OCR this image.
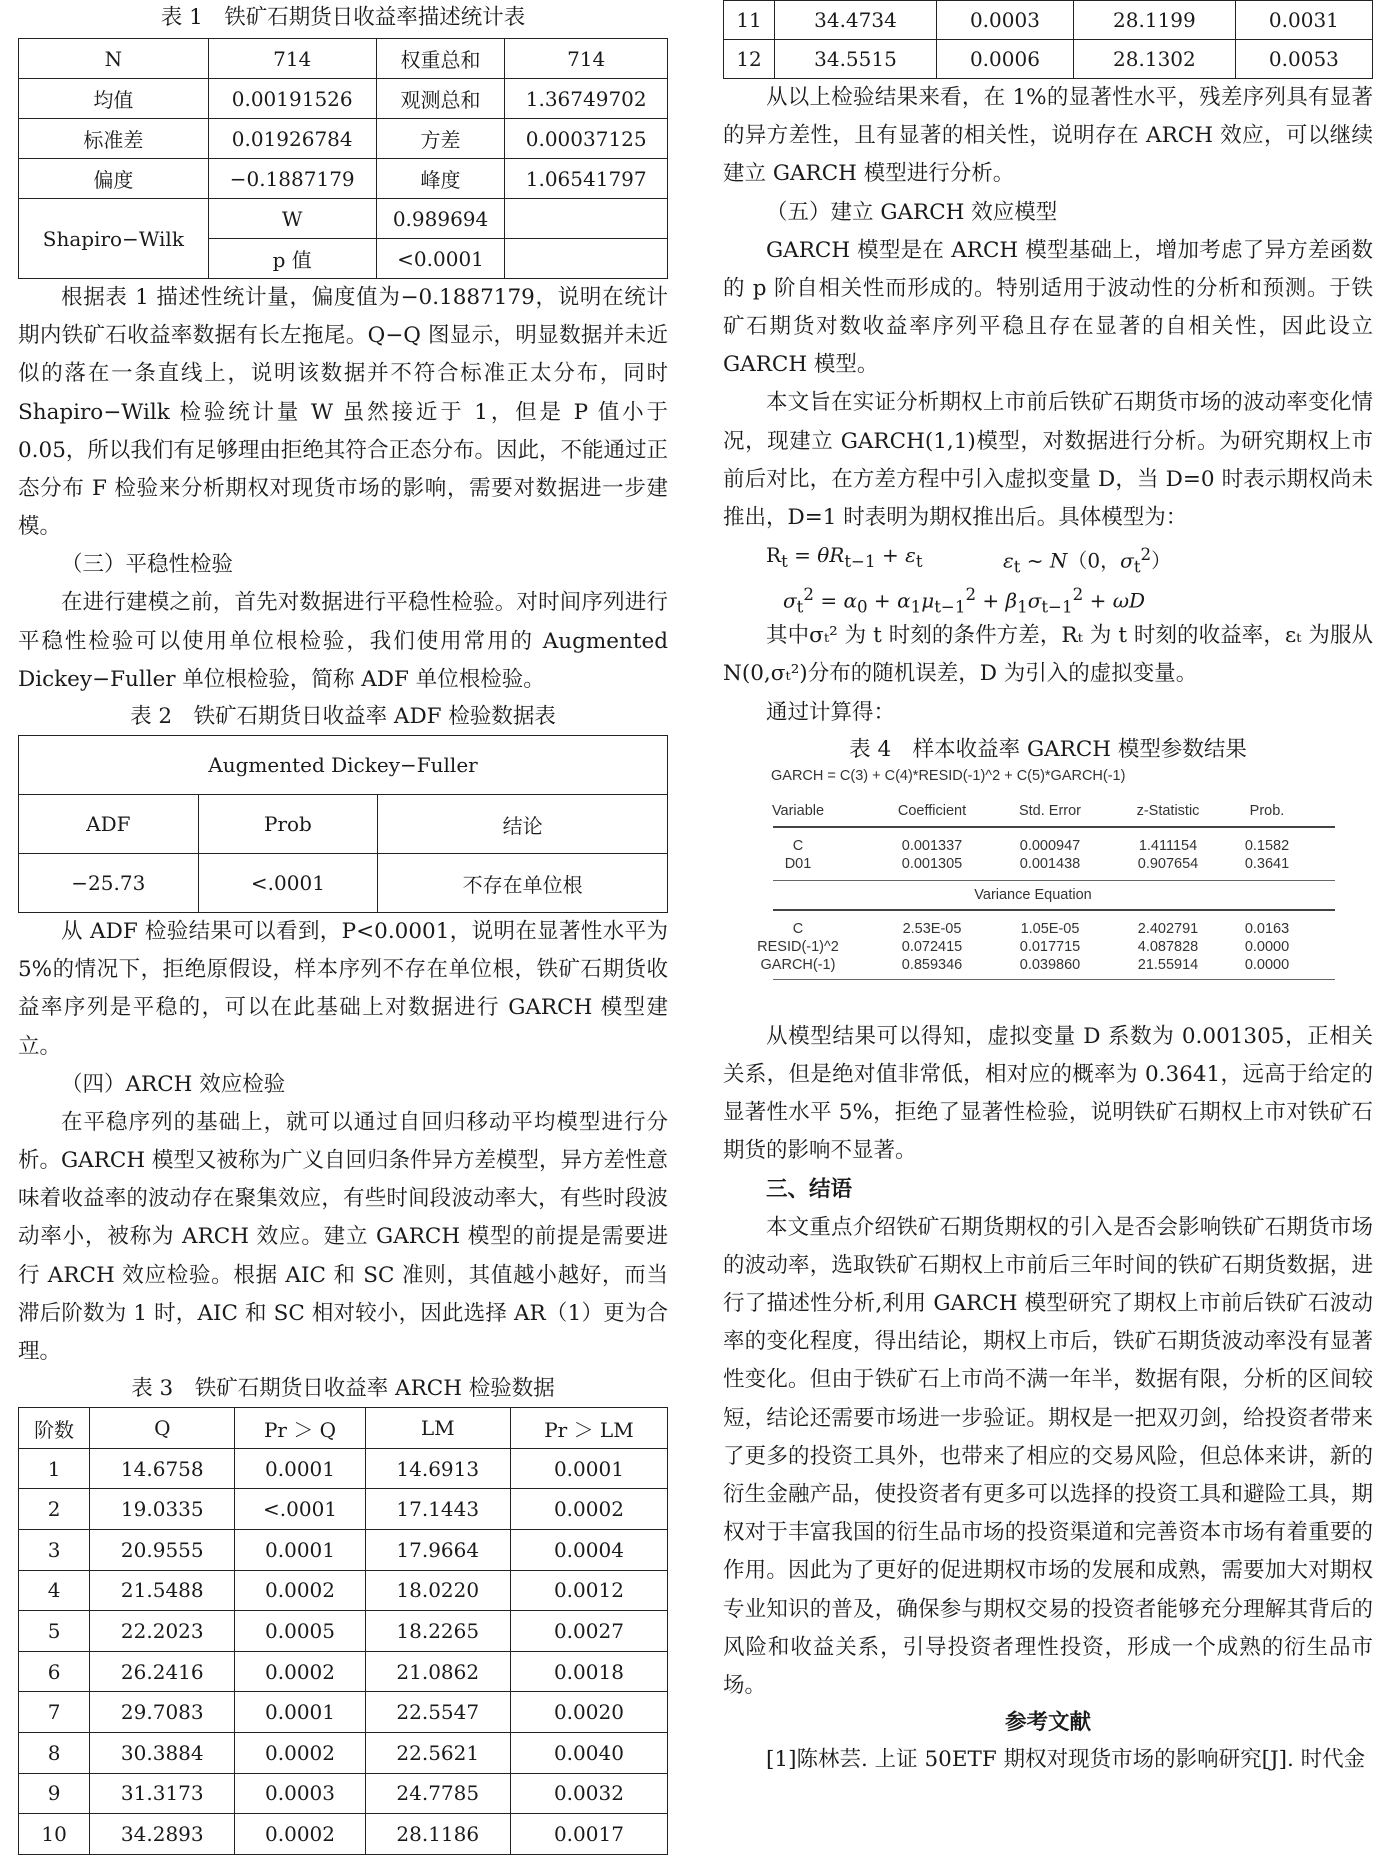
表 1　铁矿石期货日收益率描述统计表
N	714	权重总和	714
均值	0.00191526	观测总和	1.36749702
标准差	0.01926784	方差	0.00037125
偏度	−0.1887179	峰度	1.06541797
Shapiro−Wilk	W	0.989694	
	p 值	<0.0001	

根据表 1 描述性统计量，偏度值为−0.1887179，说明在统计期内铁矿石收益率数据有长左拖尾。Q−Q 图显示，明显数据并未近似的落在一条直线上，说明该数据并不符合标准正太分布，同时 Shapiro−Wilk 检验统计量 W 虽然接近于 1，但是 P 值小于 0.05，所以我们有足够理由拒绝其符合正态分布。因此，不能通过正态分布 F 检验来分析期权对现货市场的影响，需要对数据进一步建模。

（三）平稳性检验

在进行建模之前，首先对数据进行平稳性检验。对时间序列进行平稳性检验可以使用单位根检验，我们使用常用的 Augmented Dickey−Fuller 单位根检验，简称 ADF 单位根检验。

表 2　铁矿石期货日收益率 ADF 检验数据表
Augmented Dickey−Fuller		
ADF	Prob	结论
−25.73	<.0001	不存在单位根

从 ADF 检验结果可以看到，P<0.0001，说明在显著性水平为 5%的情况下，拒绝原假设，样本序列不存在单位根，铁矿石期货收益率序列是平稳的，可以在此基础上对数据进行 GARCH 模型建立。

（四）ARCH 效应检验

在平稳序列的基础上，就可以通过自回归移动平均模型进行分析。GARCH 模型又被称为广义自回归条件异方差模型，异方差性意味着收益率的波动存在聚集效应，有些时间段波动率大，有些时段波动率小，被称为 ARCH 效应。建立 GARCH 模型的前提是需要进行 ARCH 效应检验。根据 AIC 和 SC 准则，其值越小越好，而当滞后阶数为 1 时，AIC 和 SC 相对较小，因此选择 AR（1）更为合理。

表 3　铁矿石期货日收益率 ARCH 检验数据
阶数	Q	Pr ＞ Q	LM	Pr ＞ LM
1	14.6758	0.0001	14.6913	0.0001
2	19.0335	<.0001	17.1443	0.0002
3	20.9555	0.0001	17.9664	0.0004
4	21.5488	0.0002	18.0220	0.0012
5	22.2023	0.0005	18.2265	0.0027
6	26.2416	0.0002	21.0862	0.0018
7	29.7083	0.0001	22.5547	0.0020
8	30.3884	0.0002	22.5621	0.0040
9	31.3173	0.0003	24.7785	0.0032
10	34.2893	0.0002	28.1186	0.0017
11	34.4734	0.0003	28.1199	0.0031
12	34.5515	0.0006	28.1302	0.0053

从以上检验结果来看，在 1%的显著性水平，残差序列具有显著的异方差性，且有显著的相关性，说明存在 ARCH 效应，可以继续建立 GARCH 模型进行分析。

（五）建立 GARCH 效应模型

GARCH 模型是在 ARCH 模型基础上，增加考虑了异方差函数的 p 阶自相关性而形成的。特别适用于波动性的分析和预测。于铁矿石期货对数收益率序列平稳且存在显著的自相关性，因此设立 GARCH 模型。

本文旨在实证分析期权上市前后铁矿石期货市场的波动率变化情况，现建立 GARCH(1,1)模型，对数据进行分析。为研究期权上市前后对比，在方差方程中引入虚拟变量 D，当 D=0 时表示期权尚未推出，D=1 时表明为期权推出后。具体模型为：

$R_t = \theta R_{t-1} + \varepsilon_t$	$\varepsilon_t$ ~ N（0，$\sigma_t^2$）
$\sigma_t^2 = \alpha_0 + \alpha_1\mu_{t-1}^2 + \beta_1\sigma_{t-1}^2 + \omega D$

其中σₜ² 为 t 时刻的条件方差，Rₜ 为 t 时刻的收益率，εₜ 为服从 N(0,σₜ²)分布的随机误差，D 为引入的虚拟变量。

通过计算得：

表 4　样本收益率 GARCH 模型参数结果
GARCH = C(3) + C(4)*RESID(-1)^2 + C(5)*GARCH(-1)
Variable	Coefficient	Std. Error	z-Statistic	Prob.
C	0.001337	0.000947	1.411154	0.1582
D01	0.001305	0.001438	0.907654	0.3641
Variance Equation
C	2.53E-05	1.05E-05	2.402791	0.0163
RESID(-1)^2	0.072415	0.017715	4.087828	0.0000
GARCH(-1)	0.859346	0.039860	21.55914	0.0000

从模型结果可以得知，虚拟变量 D 系数为 0.001305，正相关关系，但是绝对值非常低，相对应的概率为 0.3641，远高于给定的显著性水平 5%，拒绝了显著性检验，说明铁矿石期权上市对铁矿石期货的影响不显著。

三、结语

本文重点介绍铁矿石期货期权的引入是否会影响铁矿石期货市场的波动率，选取铁矿石期权上市前后三年时间的铁矿石期货数据，进行了描述性分析,利用 GARCH 模型研究了期权上市前后铁矿石波动率的变化程度，得出结论，期权上市后，铁矿石期货波动率没有显著性变化。但由于铁矿石上市尚不满一年半，数据有限，分析的区间较短，结论还需要市场进一步验证。期权是一把双刃剑，给投资者带来了更多的投资工具外，也带来了相应的交易风险，但总体来讲，新的衍生金融产品，使投资者有更多可以选择的投资工具和避险工具，期权对于丰富我国的衍生品市场的投资渠道和完善资本市场有着重要的作用。因此为了更好的促进期权市场的发展和成熟，需要加大对期权专业知识的普及，确保参与期权交易的投资者能够充分理解其背后的风险和收益关系，引导投资者理性投资，形成一个成熟的衍生品市场。

参考文献

[1]陈林芸. 上证 50ETF 期权对现货市场的影响研究[J]. 时代金
